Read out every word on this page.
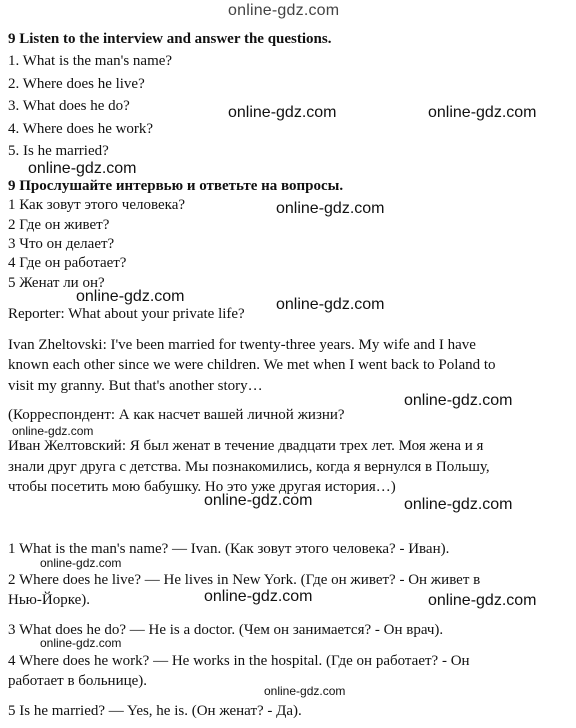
online-gdz.com
9 Listen to the interview and answer the questions.
1. What is the man's name?
2. Where does he live?
3. What does he do?
4. Where does he work?
5. Is he married?
9 Прослушайте интервью и ответьте на вопросы.
1 Как зовут этого человека?
2 Где он живет?
3 Что он делает?
4 Где он работает?
5 Женат ли он?
Reporter: What about your private life?
Ivan Zheltovski: I've been married for twenty-three years. My wife and I have
known each other since we were children. We met when I went back to Poland to
visit my granny. But that's another story…
(Корреспондент: А как насчет вашей личной жизни?
Иван Желтовский: Я был женат в течение двадцати трех лет. Моя жена и я
знали друг друга с детства. Мы познакомились, когда я вернулся в Польшу,
чтобы посетить мою бабушку. Но это уже другая история…)
1 What is the man's name? — Ivan. (Как зовут этого человека? - Иван).
2 Where does he live? — He lives in New York. (Где он живет? - Он живет в
Нью-Йорке).
3 What does he do? — He is a doctor. (Чем он занимается? - Он врач).
4 Where does he work? — He works in the hospital. (Где он работает? - Он
работает в больнице).
5 Is he married? — Yes, he is. (Он женат? - Да).
online-gdz.com	online-gdz.com
online-gdz.com
online-gdz.com
online-gdz.com	online-gdz.com
online-gdz.com
online-gdz.com
online-gdz.com	online-gdz.com
online-gdz.com
online-gdz.com	online-gdz.com
online-gdz.com
online-gdz.com
